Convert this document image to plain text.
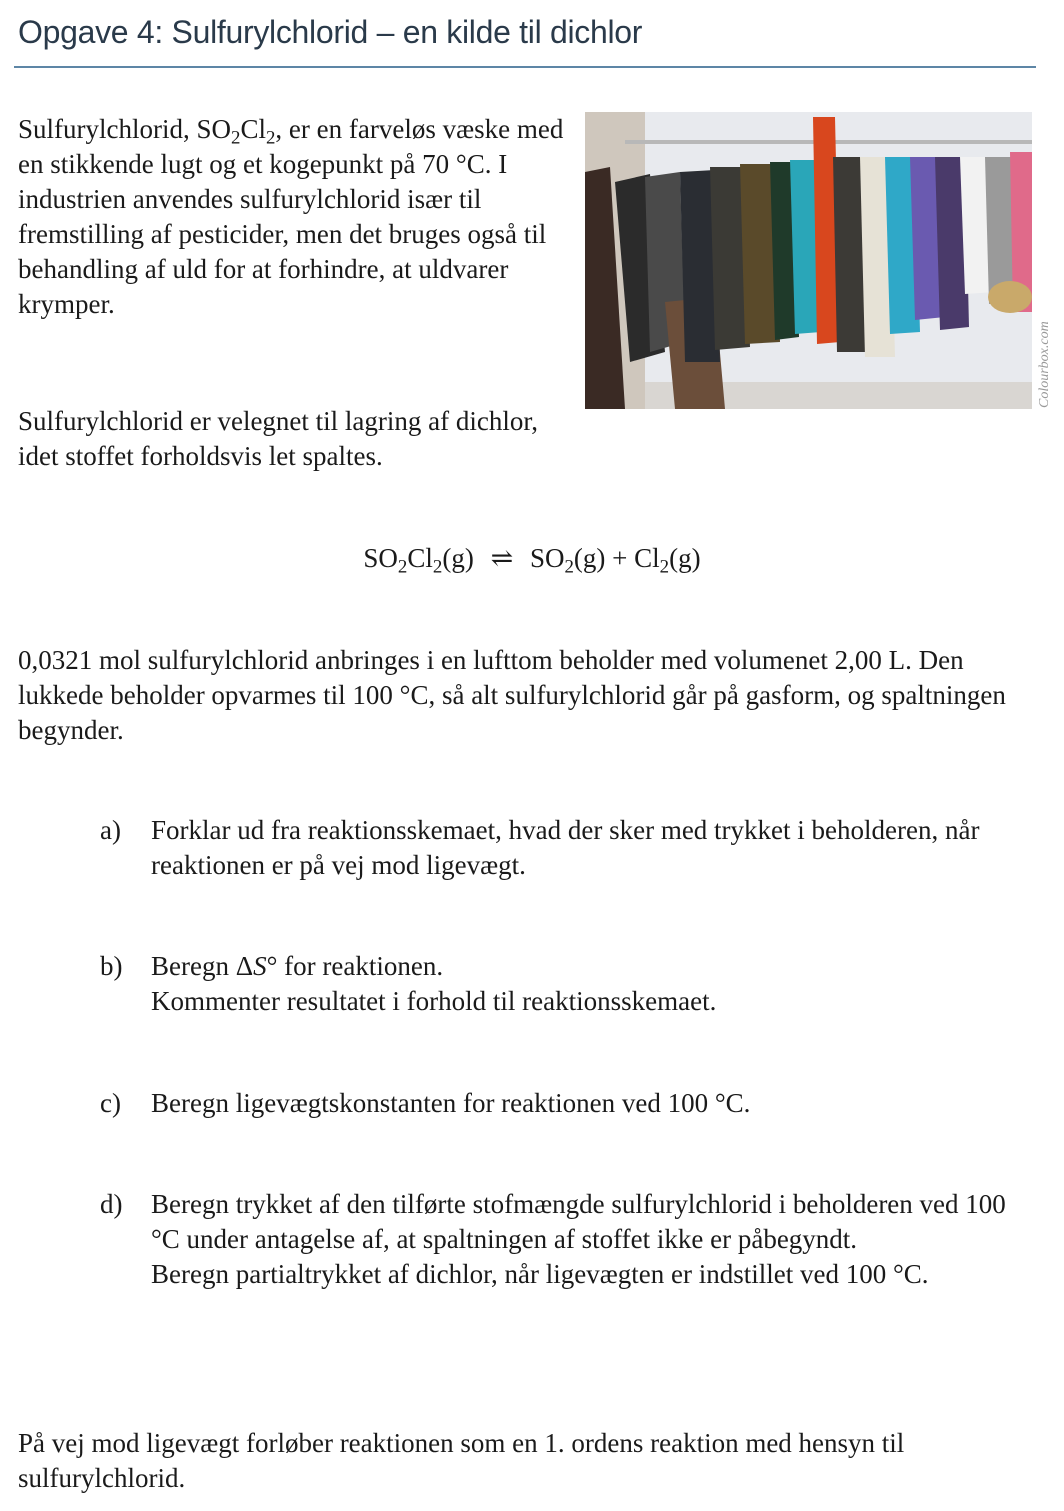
Opgave 4: Sulfurylchlorid – en kilde til dichlor

Sulfurylchlorid, $SO_2Cl_2$, er en farveløs væske med en stikkende lugt og et kogepunkt på 70 °C. I industrien anvendes sulfurylchlorid især til fremstilling af pesticider, men det bruges også til behandling af uld for at forhindre, at uldvarer krymper.

Sulfurylchlorid er velegnet til lagring af dichlor, idet stoffet forholdsvis let spaltes.

Colourbox.com
$SO_2Cl_2(g)$ ⇌ $SO_2(g) + Cl_2(g)$

0,0321 mol sulfurylchlorid anbringes i en lufttom beholder med volumenet 2,00 L. Den lukkede beholder opvarmes til 100 °C, så alt sulfurylchlorid går på gasform, og spaltningen begynder.

a)	Forklar ud fra reaktionsskemaet, hvad der sker med trykket i beholderen, når reaktionen er på vej mod ligevægt.

b)	Beregn ΔS° for reaktionen.

Kommenter resultatet i forhold til reaktionsskemaet.

c)	Beregn ligevægtskonstanten for reaktionen ved 100 °C.

d)	Beregn trykket af den tilførte stofmængde sulfurylchlorid i beholderen ved 100 °C under antagelse af, at spaltningen af stoffet ikke er påbegyndt.

Beregn partialtrykket af dichlor, når ligevægten er indstillet ved 100 °C.

På vej mod ligevægt forløber reaktionen som en 1. ordens reaktion med hensyn til sulfurylchlorid.
